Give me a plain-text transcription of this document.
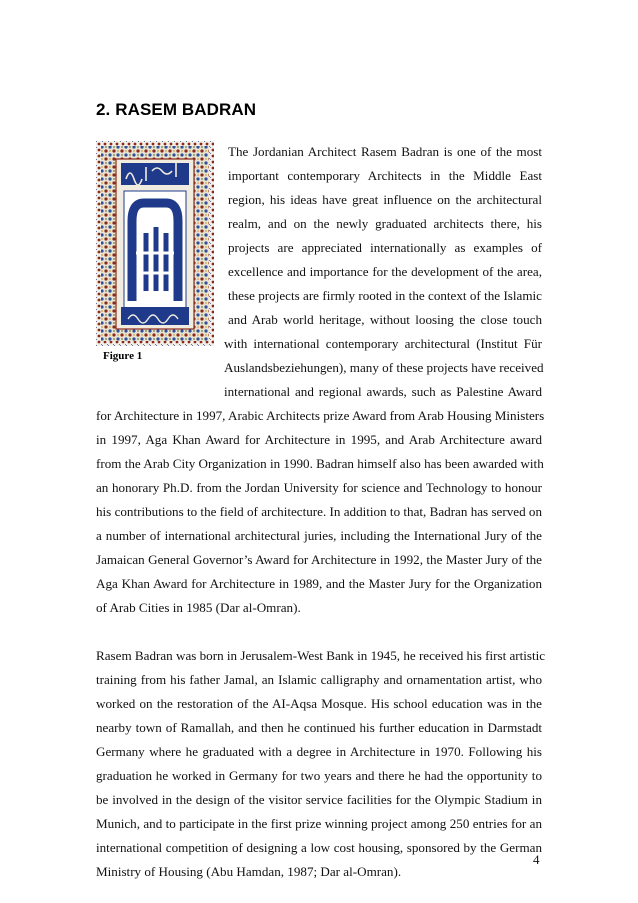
2. RASEM BADRAN
Figure 1
The Jordanian Architect Rasem Badran is one of the most
important contemporary Architects in the Middle East
region, his ideas have great influence on the architectural
realm, and on the newly graduated architects there, his
projects are appreciated internationally as examples of
excellence and importance for the development of the area,
these projects are firmly rooted in the context of the Islamic
and Arab world heritage, without loosing the close touch
with international contemporary architectural (Institut Für
Auslandsbeziehungen), many of these projects have received
international and regional awards, such as Palestine Award
for Architecture in 1997, Arabic Architects prize Award from Arab Housing Ministers
in 1997, Aga Khan Award for Architecture in 1995, and Arab Architecture award
from the Arab City Organization in 1990. Badran himself also has been awarded with
an honorary Ph.D. from the Jordan University for science and Technology to honour
his contributions to the field of architecture. In addition to that, Badran has served on
a number of international architectural juries, including the International Jury of the
Jamaican General Governor’s Award for Architecture in 1992, the Master Jury of the
Aga Khan Award for Architecture in 1989, and the Master Jury for the Organization
of Arab Cities in 1985 (Dar al-Omran).
Rasem Badran was born in Jerusalem-West Bank in 1945, he received his first artistic
training from his father Jamal, an Islamic calligraphy and ornamentation artist, who
worked on the restoration of the AI-Aqsa Mosque. His school education was in the
nearby town of Ramallah, and then he continued his further education in Darmstadt
Germany where he graduated with a degree in Architecture in 1970. Following his
graduation he worked in Germany for two years and there he had the opportunity to
be involved in the design of the visitor service facilities for the Olympic Stadium in
Munich, and to participate in the first prize winning project among 250 entries for an
international competition of designing a low cost housing, sponsored by the German
Ministry of Housing (Abu Hamdan, 1987; Dar al-Omran).
4
